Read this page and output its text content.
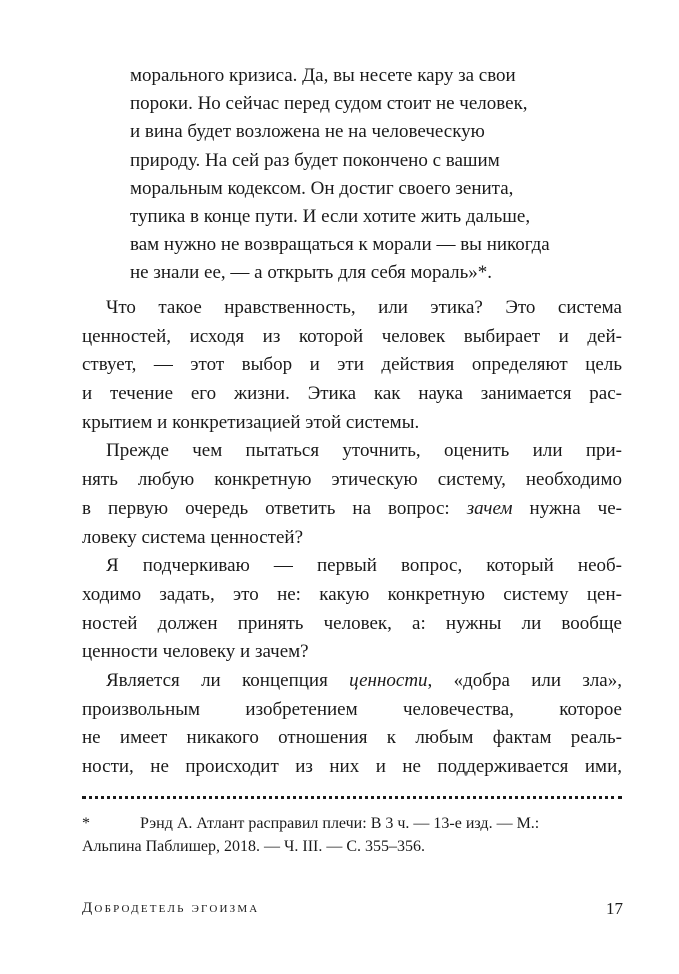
морального кризиса. Да, вы несете кару за свои
пороки. Но сейчас перед судом стоит не человек,
и вина будет возложена не на человеческую
природу. На сей раз будет покончено с вашим
моральным кодексом. Он достиг своего зенита,
тупика в конце пути. И если хотите жить дальше,
вам нужно не возвращаться к морали — вы никогда
не знали ее, — а открыть для себя мораль»*.
Что такое нравственность, или этика? Это система
ценностей, исходя из которой человек выбирает и дей-
ствует, — этот выбор и эти действия определяют цель
и течение его жизни. Этика как наука занимается рас-
крытием и конкретизацией этой системы.
Прежде чем пытаться уточнить, оценить или при-
нять любую конкретную этическую систему, необходимо
в первую очередь ответить на вопрос: зачем нужна че-
ловеку система ценностей?
Я подчеркиваю — первый вопрос, который необ-
ходимо задать, это не: какую конкретную систему цен-
ностей должен принять человек, а: нужны ли вообще
ценности человеку и зачем?
Является ли концепция ценности, «добра или зла»,
произвольным изобретением человечества, которое
не имеет никакого отношения к любым фактам реаль-
ности, не происходит из них и не поддерживается ими,
*	Рэнд А. Атлант расправил плечи: В 3 ч. — 13-е изд. — М.:
Альпина Паблишер, 2018. — Ч. III. — С. 355–356.
Добродетель эгоизма	17
